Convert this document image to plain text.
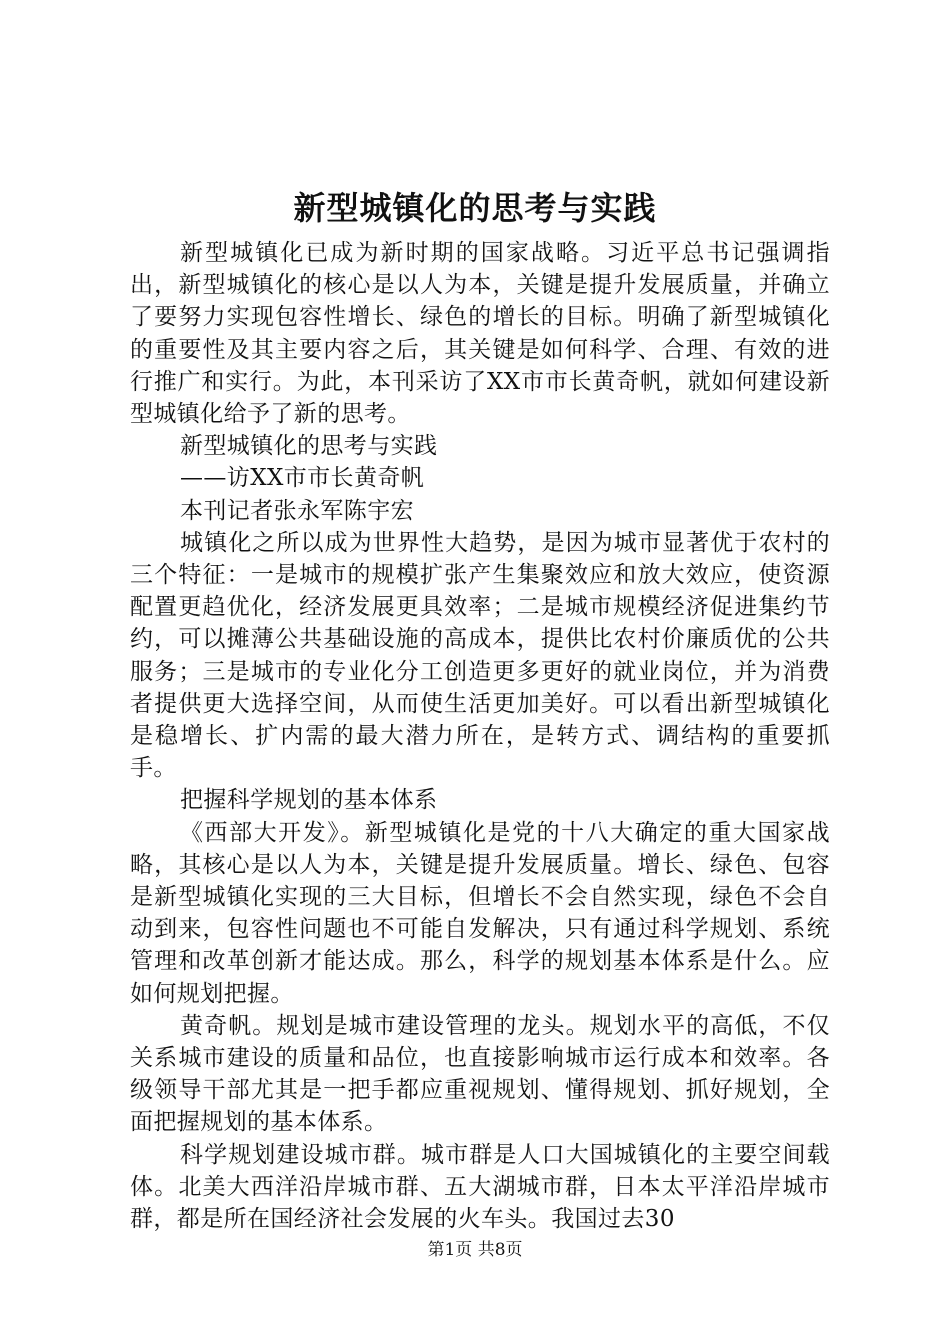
新型城镇化的思考与实践

新型城镇化已成为新时期的国家战略。习近平总书记强调指出，新型城镇化的核心是以人为本，关键是提升发展质量，并确立了要努力实现包容性增长、绿色的增长的目标。明确了新型城镇化的重要性及其主要内容之后，其关键是如何科学、合理、有效的进行推广和实行。为此，本刊采访了XX市市长黄奇帆，就如何建设新型城镇化给予了新的思考。

新型城镇化的思考与实践

——访XX市市长黄奇帆

本刊记者张永军陈宇宏

城镇化之所以成为世界性大趋势，是因为城市显著优于农村的三个特征：一是城市的规模扩张产生集聚效应和放大效应，使资源配置更趋优化，经济发展更具效率；二是城市规模经济促进集约节约，可以摊薄公共基础设施的高成本，提供比农村价廉质优的公共服务；三是城市的专业化分工创造更多更好的就业岗位，并为消费者提供更大选择空间，从而使生活更加美好。可以看出新型城镇化是稳增长、扩内需的最大潜力所在，是转方式、调结构的重要抓手。

把握科学规划的基本体系

《西部大开发》。新型城镇化是党的十八大确定的重大国家战略，其核心是以人为本，关键是提升发展质量。增长、绿色、包容是新型城镇化实现的三大目标，但增长不会自然实现，绿色不会自动到来，包容性问题也不可能自发解决，只有通过科学规划、系统管理和改革创新才能达成。那么，科学的规划基本体系是什么。应如何规划把握。

黄奇帆。规划是城市建设管理的龙头。规划水平的高低，不仅关系城市建设的质量和品位，也直接影响城市运行成本和效率。各级领导干部尤其是一把手都应重视规划、懂得规划、抓好规划，全面把握规划的基本体系。

科学规划建设城市群。城市群是人口大国城镇化的主要空间载体。北美大西洋沿岸城市群、五大湖城市群，日本太平洋沿岸城市群，都是所在国经济社会发展的火车头。我国过去30

第1页 共8页
